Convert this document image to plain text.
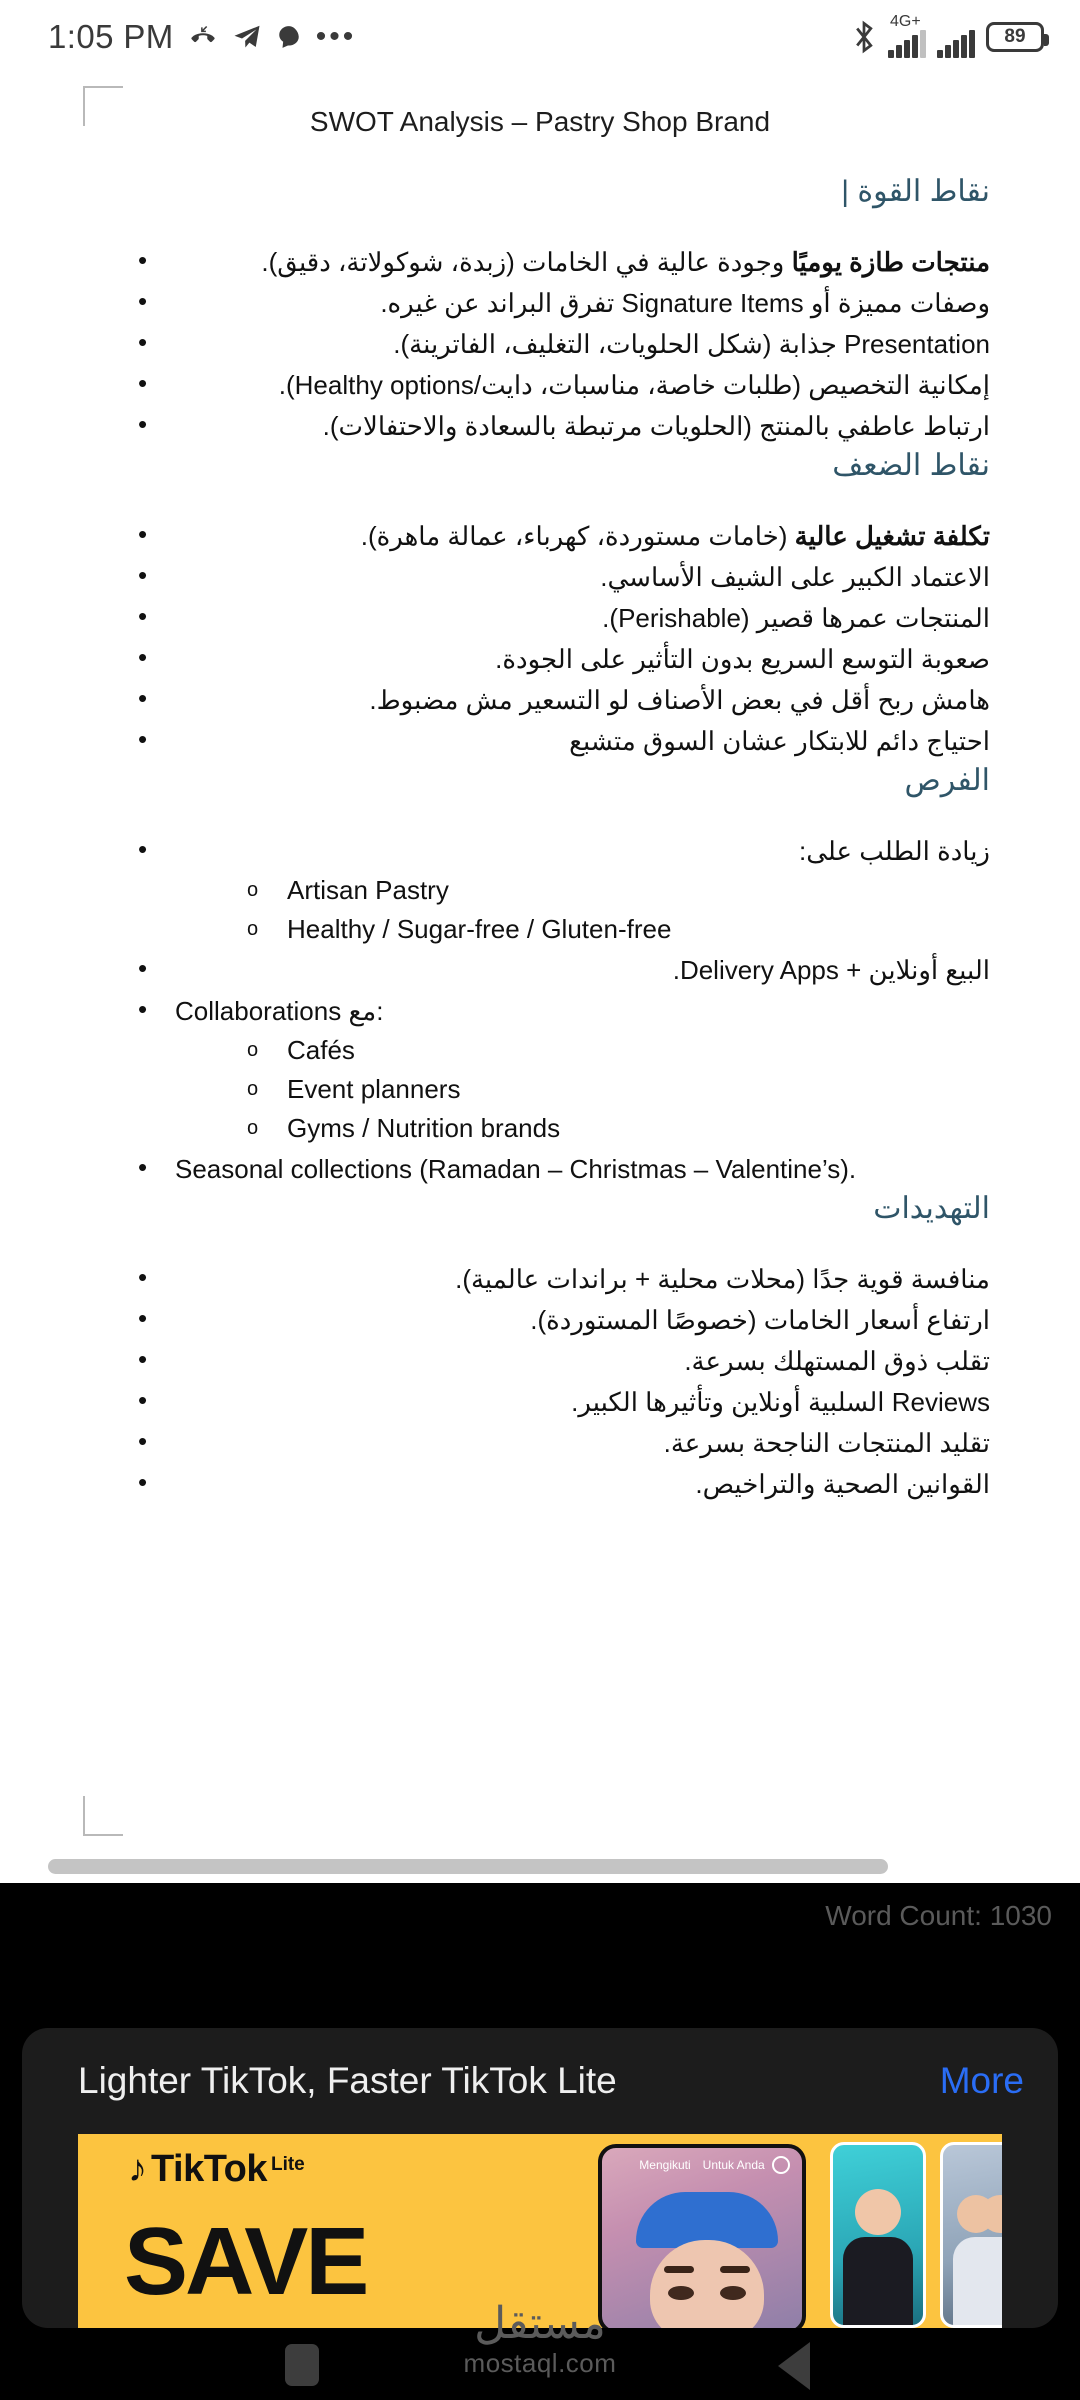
1:05 PM	•••	4G+
89
SWOT Analysis – Pastry Shop Brand
نقاط القوة |
• منتجات طازة يوميًا وجودة عالية في الخامات (زبدة، شوكولاتة، دقيق).
• وصفات مميزة أو Signature Items تفرق البراند عن غيره.
• Presentation جذابة (شكل الحلويات، التغليف، الفاترينة).
• إمكانية التخصيص (طلبات خاصة، مناسبات، دايت/Healthy options).
• ارتباط عاطفي بالمنتج (الحلويات مرتبطة بالسعادة والاحتفالات).
نقاط الضعف
• تكلفة تشغيل عالية (خامات مستوردة، كهرباء، عمالة ماهرة).
• الاعتماد الكبير على الشيف الأساسي.
• المنتجات عمرها قصير (Perishable).
• صعوبة التوسع السريع بدون التأثير على الجودة.
• هامش ربح أقل في بعض الأصناف لو التسعير مش مضبوط.
• احتياج دائم للابتكار عشان السوق متشبع
الفرص
• زيادة الطلب على:
o Artisan Pastry
o Healthy / Sugar-free / Gluten-free
• البيع أونلاين + Delivery Apps.
• Collaborations مع:
o Cafés
o Event planners
o Gyms / Nutrition brands
• Seasonal collections (Ramadan – Christmas – Valentine’s).
التهديدات
• منافسة قوية جدًا (محلات محلية + براندات عالمية).
• ارتفاع أسعار الخامات (خصوصًا المستوردة).
• تقلب ذوق المستهلك بسرعة.
• Reviews السلبية أونلاين وتأثيرها الكبير.
• تقليد المنتجات الناجحة بسرعة.
• القوانين الصحية والتراخيص.
Word Count: 1030
Lighter TikTok, Faster TikTok Lite	More
♪ TikTok Lite
SAVE
Mengikuti Untuk Anda
مستقل
mostaql.com
